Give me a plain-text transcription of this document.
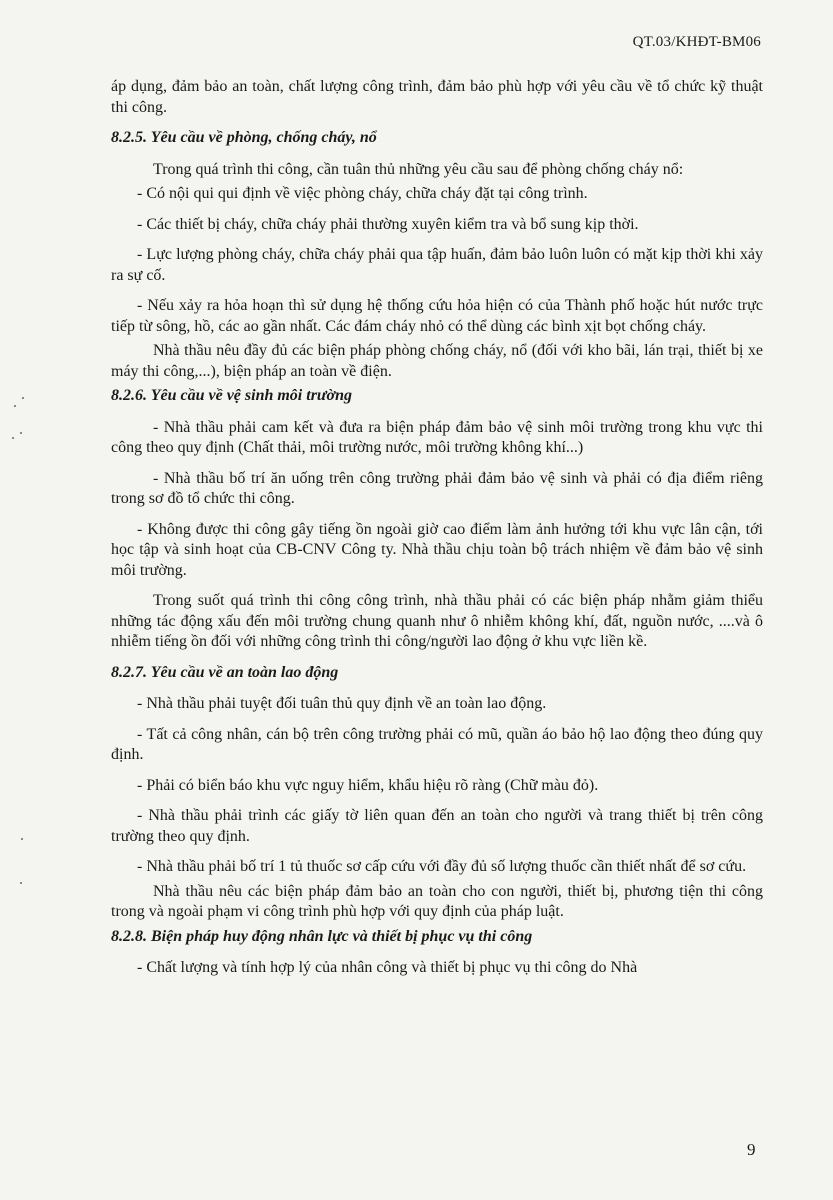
QT.03/KHĐT-BM06

áp dụng, đảm bảo an toàn, chất lượng công trình, đảm bảo phù hợp với yêu cầu về tổ chức kỹ thuật thi công.

8.2.5. Yêu cầu về phòng, chống cháy, nổ

Trong quá trình thi công, cần tuân thủ những yêu cầu sau để phòng chống cháy nổ:

- Có nội qui qui định về việc phòng cháy, chữa cháy đặt tại công trình.

- Các thiết bị cháy, chữa cháy phải thường xuyên kiểm tra và bổ sung kịp thời.

- Lực lượng phòng cháy, chữa cháy phải qua tập huấn, đảm bảo luôn luôn có mặt kịp thời khi xảy ra sự cố.

- Nếu xảy ra hỏa hoạn thì sử dụng hệ thống cứu hỏa hiện có của Thành phố hoặc hút nước trực tiếp từ sông, hồ, các ao gần nhất. Các đám cháy nhỏ có thể dùng các bình xịt bọt chống cháy.

Nhà thầu nêu đầy đủ các biện pháp phòng chống cháy, nổ (đối với kho bãi, lán trại, thiết bị xe máy thi công,...), biện pháp an toàn về điện.

8.2.6. Yêu cầu về vệ sinh môi trường

- Nhà thầu phải cam kết và đưa ra biện pháp đảm bảo vệ sinh môi trường trong khu vực thi công theo quy định (Chất thải, môi trường nước, môi trường không khí...)

- Nhà thầu bố trí ăn uống trên công trường phải đảm bảo vệ sinh và phải có địa điểm riêng trong sơ đồ tổ chức thi công.

- Không được thi công gây tiếng ồn ngoài giờ cao điểm làm ảnh hưởng tới khu vực lân cận, tới học tập và sinh hoạt của CB-CNV Công ty. Nhà thầu chịu toàn bộ trách nhiệm về đảm bảo vệ sinh môi trường.

Trong suốt quá trình thi công công trình, nhà thầu phải có các biện pháp nhằm giảm thiểu những tác động xấu đến môi trường chung quanh như ô nhiễm không khí, đất, nguồn nước, ....và ô nhiễm tiếng ồn đối với những công trình thi công/người lao động ở khu vực liền kề.

8.2.7. Yêu cầu về an toàn lao động

- Nhà thầu phải tuyệt đối tuân thủ quy định về an toàn lao động.

- Tất cả công nhân, cán bộ trên công trường phải có mũ, quần áo bảo hộ lao động theo đúng quy định.

- Phải có biển báo khu vực nguy hiểm, khẩu hiệu rõ ràng (Chữ màu đỏ).

- Nhà thầu phải trình các giấy tờ liên quan đến an toàn cho người và trang thiết bị trên công trường theo quy định.

- Nhà thầu phải bố trí 1 tủ thuốc sơ cấp cứu với đầy đủ số lượng thuốc cần thiết nhất để sơ cứu.

Nhà thầu nêu các biện pháp đảm bảo an toàn cho con người, thiết bị, phương tiện thi công trong và ngoài phạm vi công trình phù hợp với quy định của pháp luật.

8.2.8. Biện pháp huy động nhân lực và thiết bị phục vụ thi công

- Chất lượng và tính hợp lý của nhân công và thiết bị phục vụ thi công do Nhà

9
